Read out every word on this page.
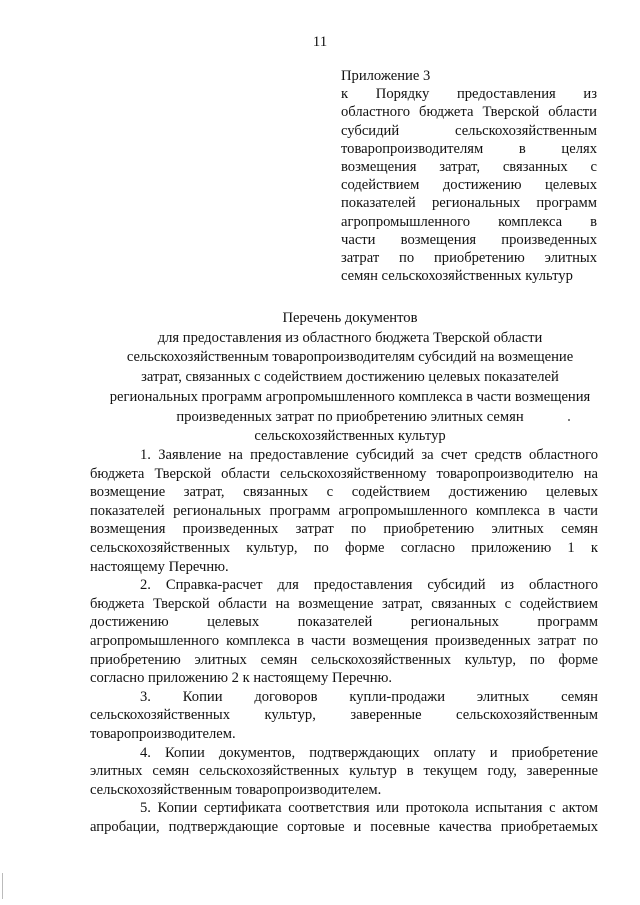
11
Приложение 3
к Порядку предоставления из
областного бюджета Тверской области
субсидий сельскохозяйственным
товаропроизводителям в целях
возмещения затрат, связанных с
содействием достижению целевых
показателей региональных программ
агропромышленного комплекса в
части возмещения произведенных
затрат по приобретению элитных
семян сельскохозяйственных культур
Перечень документов
для предоставления из областного бюджета Тверской области
сельскохозяйственным товаропроизводителям субсидий на возмещение
затрат, связанных с содействием достижению целевых показателей
региональных программ агропромышленного комплекса в части возмещения
произведенных затрат по приобретению элитных семян
сельскохозяйственных культур
1. Заявление на предоставление субсидий за счет средств областного
бюджета Тверской области сельскохозяйственному товаропроизводителю на
возмещение затрат, связанных с содействием достижению целевых
показателей региональных программ агропромышленного комплекса в части
возмещения произведенных затрат по приобретению элитных семян
сельскохозяйственных культур, по форме согласно приложению 1 к
настоящему Перечню.
2. Справка-расчет для предоставления субсидий из областного
бюджета Тверской области на возмещение затрат, связанных с содействием
достижению целевых показателей региональных программ
агропромышленного комплекса в части возмещения произведенных затрат по
приобретению элитных семян сельскохозяйственных культур, по форме
согласно приложению 2 к настоящему Перечню.
3. Копии договоров купли-продажи элитных семян
сельскохозяйственных культур, заверенные сельскохозяйственным
товаропроизводителем.
4. Копии документов, подтверждающих оплату и приобретение
элитных семян сельскохозяйственных культур в текущем году, заверенные
сельскохозяйственным товаропроизводителем.
5. Копии сертификата соответствия или протокола испытания с актом
апробации, подтверждающие сортовые и посевные качества приобретаемых
